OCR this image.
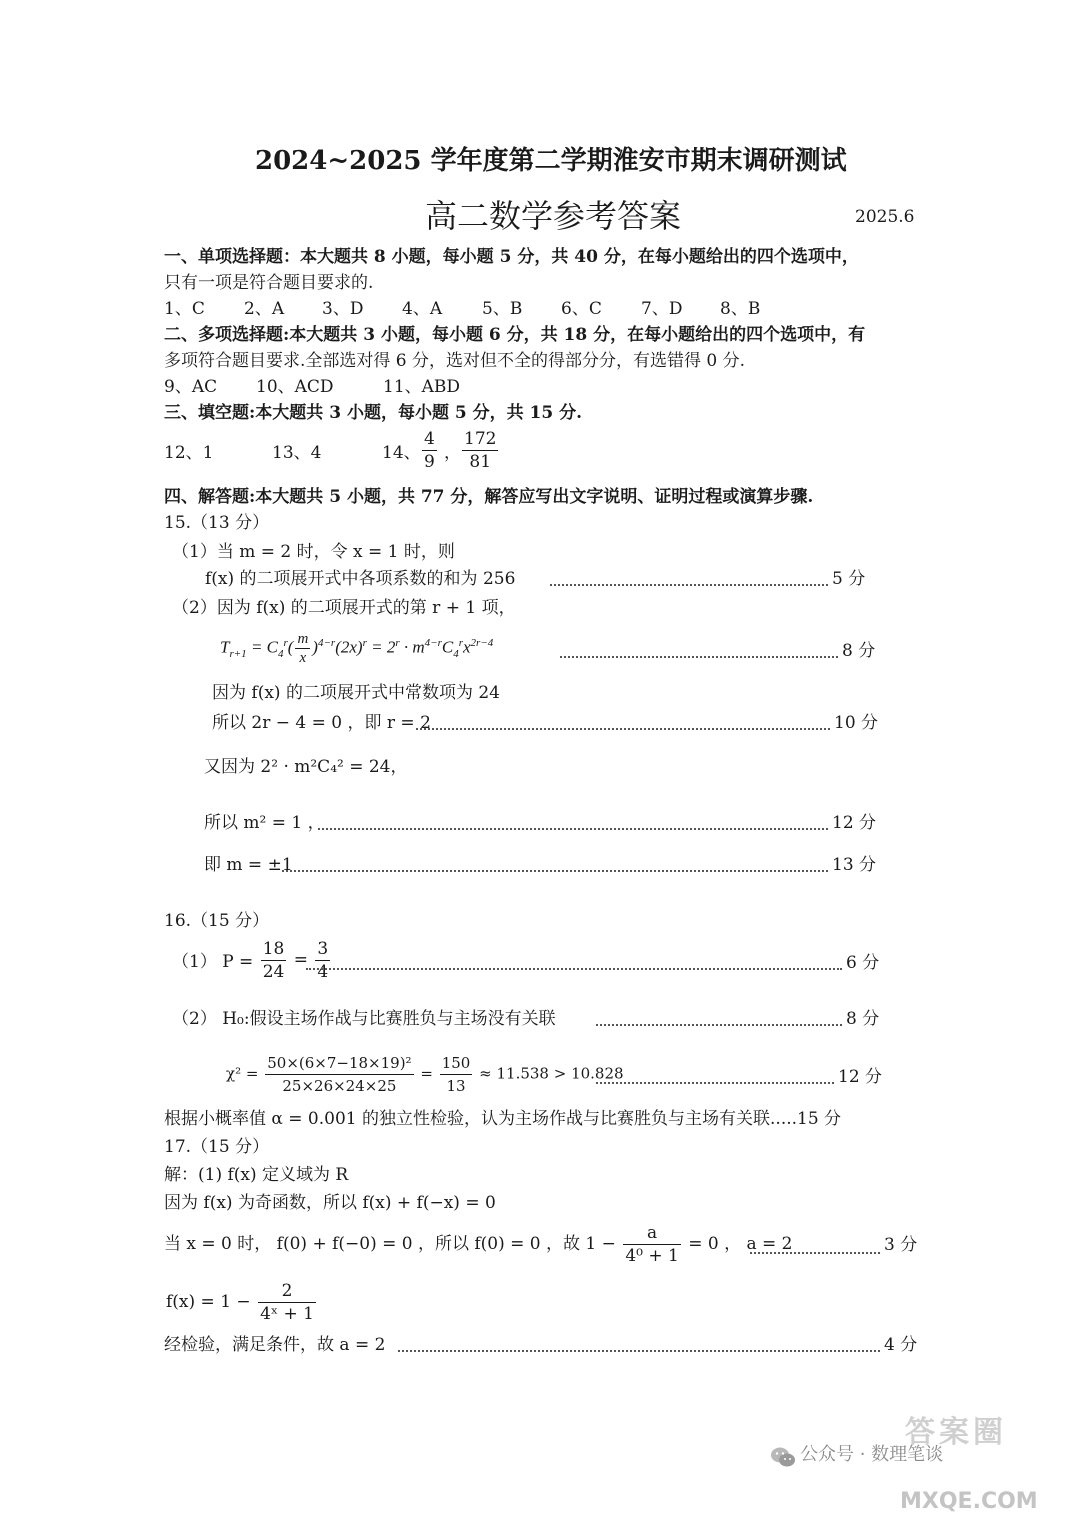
2024~2025 学年度第二学期淮安市期末调研测试
高二数学参考答案	2025.6
一、单项选择题：本大题共 8 小题，每小题 5 分，共 40 分，在每小题给出的四个选项中，
只有一项是符合题目要求的.
1、C 2、A 3、D 4、A 5、B 6、C 7、D 8、B
二、多项选择题:本大题共 3 小题，每小题 6 分，共 18 分，在每小题给出的四个选项中，有
多项符合题目要求.全部选对得 6 分，选对但不全的得部分分，有选错得 0 分.
9、AC 10、ACD	11、ABD
三、填空题:本大题共 3 小题，每小题 5 分，共 15 分.
12、1	13、4	14、 $\frac{4}{9}$ ， $\frac{172}{81}$
四、解答题:本大题共 5 小题，共 77 分，解答应写出文字说明、证明过程或演算步骤.
15.（13 分）
（1）当 m = 2 时，令 x = 1 时，则
f(x) 的二项展开式中各项系数的和为 256	5 分
（2）因为 f(x) 的二项展开式的第 r + 1 项，
$T_{r+1} = C_4^r( \frac{m}{x} )^{4-r}(2x)^r = 2^r \cdot m^{4-r}C_4^rx^{2r-4}$	8 分
因为 f(x) 的二项展开式中常数项为 24
所以 2r − 4 = 0 ，即 r = 2	10 分
又因为 2² · m²C₄² = 24，
所以 m² = 1 ，	12 分
即 m = ±1	13 分
16.（15 分）
（1） $P = \frac{18}{24} = \frac{3}{4}$	6 分
（2） H₀:假设主场作战与比赛胜负与主场没有关联	8 分
$\chi^2 = \frac{\text{50×(6×7−18×19)²}}{25\times 26\times 24\times 25} = \frac{150}{13} \approx 11.538 > 10.828$	12 分
根据小概率值 α = 0.001 的独立性检验，认为主场作战与比赛胜负与主场有关联.....15 分
17.（15 分）
解：(1) f(x) 定义域为 R
因为 f(x) 为奇函数，所以 f(x) + f(−x) = 0
当 x = 0 时， f(0) + f(−0) = 0 ，所以 f(0) = 0 ，故 $1 - \frac{a}{\text{4⁰ + 1}} = 0$ ， a = 2	3 分
$f(x) = 1 - \frac{2}{\text{4ˣ + 1}}$
经检验，满足条件，故 a = 2	4 分
公众号 · 数理笔谈
答案圈
MXQE.COM
